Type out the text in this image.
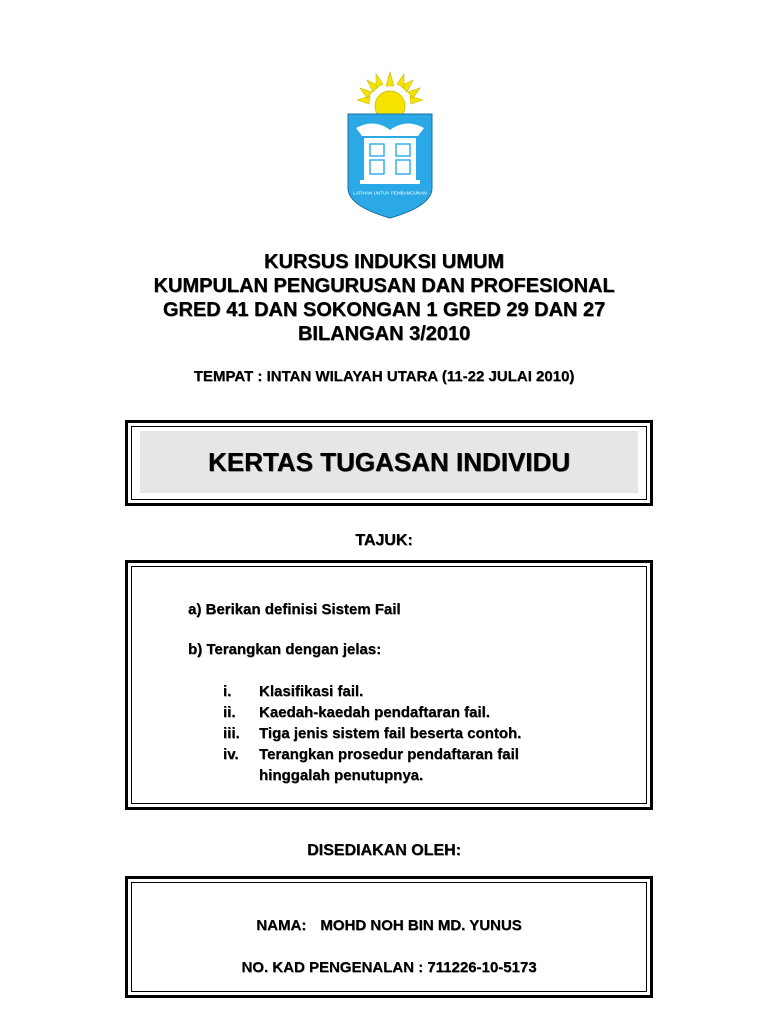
LATIHAN UNTUK PEMBANGUNAN
KURSUS INDUKSI UMUM
KUMPULAN PENGURUSAN DAN PROFESIONAL
GRED 41 DAN SOKONGAN 1 GRED 29 DAN 27
BILANGAN 3/2010
TEMPAT : INTAN WILAYAH UTARA (11-22 JULAI 2010)
KERTAS TUGASAN INDIVIDU
TAJUK:
a) Berikan definisi Sistem Fail
b) Terangkan dengan jelas:
i.	Klasifikasi fail.
ii.	Kaedah-kaedah pendaftaran fail.
iii.	Tiga jenis sistem fail beserta contoh.
iv.	Terangkan prosedur pendaftaran fail hinggalah penutupnya.
DISEDIAKAN OLEH:
NAMA: MOHD NOH BIN MD. YUNUS
NO. KAD PENGENALAN : 711226-10-5173
